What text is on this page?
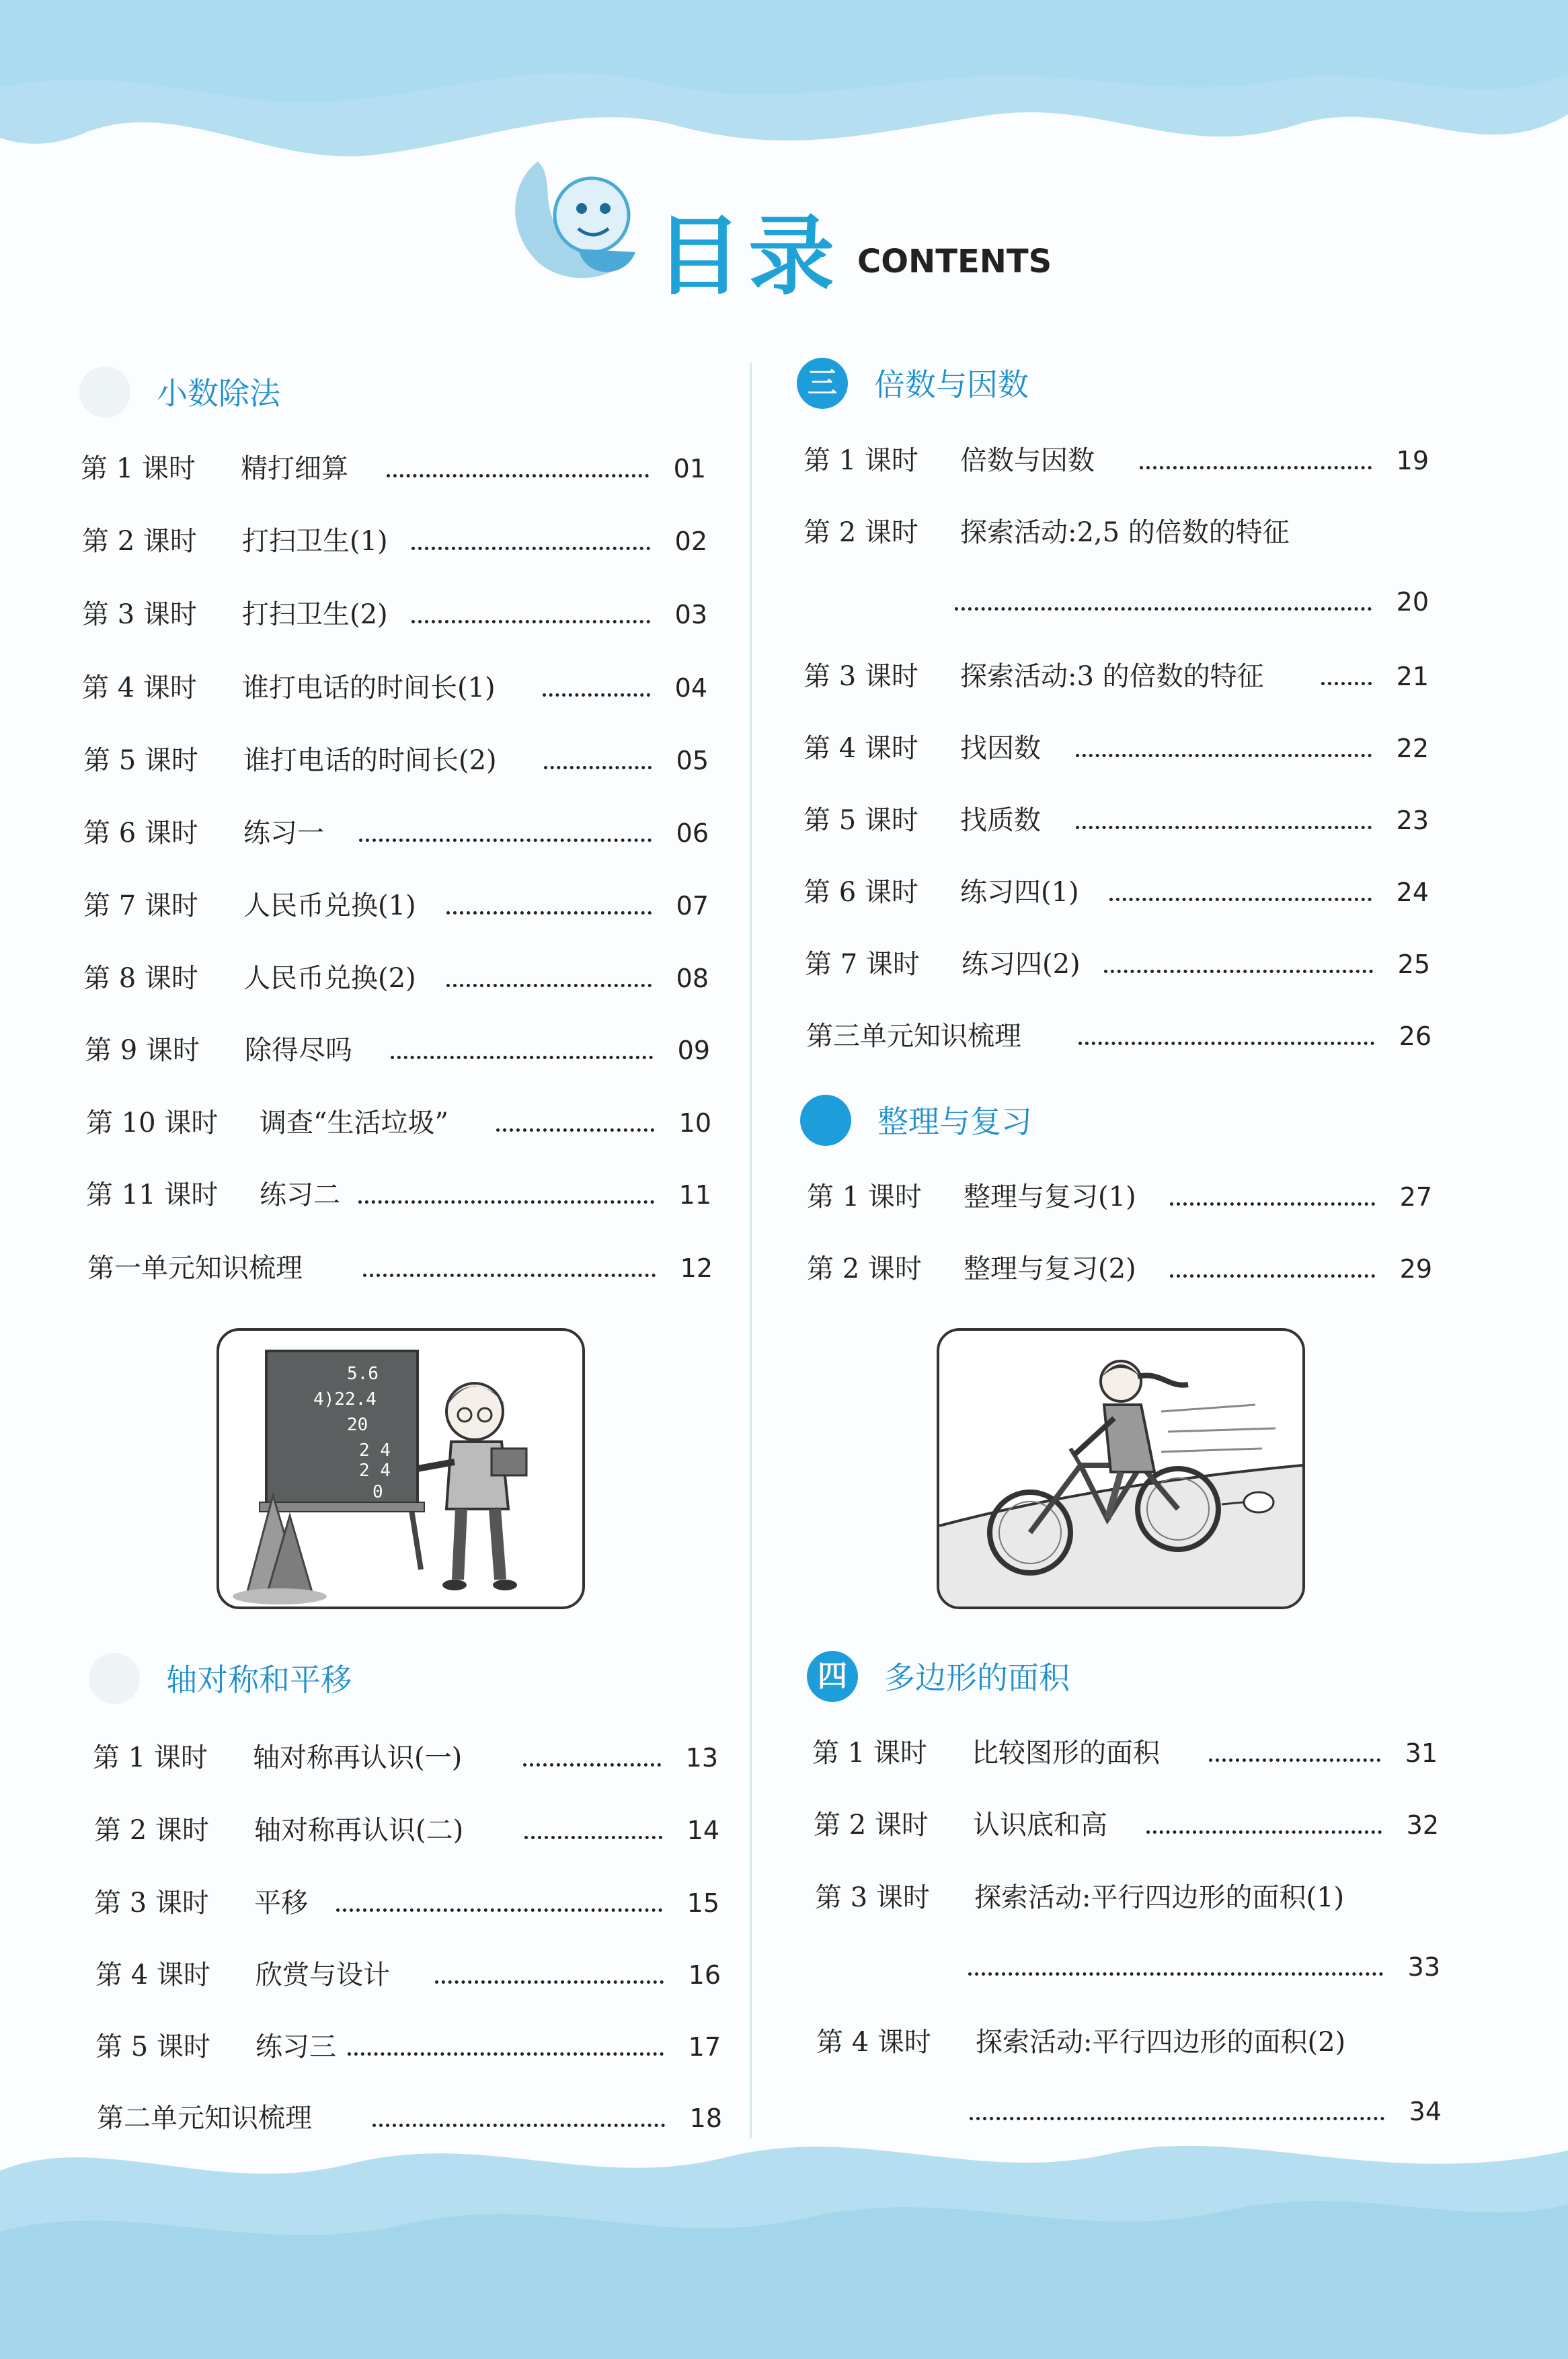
目录 CONTENTS
小数除法
第 1 课时 精打细算	01
第 2 课时 打扫卫生(1)	02
第 3 课时 打扫卫生(2)	03
第 4 课时 谁打电话的时间长(1)	04
第 5 课时 谁打电话的时间长(2)	05
第 6 课时 练习一	06
第 7 课时 人民币兑换(1)	07
第 8 课时 人民币兑换(2)	08
第 9 课时 除得尽吗	09
第 10 课时 调查“生活垃圾”	10
第 11 课时 练习二	11
第一单元知识梳理	12
5.6
4)22.4
20
2 4
2 4
0
轴对称和平移
第 1 课时 轴对称再认识(一)	13
第 2 课时 轴对称再认识(二)	14
第 3 课时 平移	15
第 4 课时 欣赏与设计	16
第 5 课时 练习三	17
第二单元知识梳理	18
三	倍数与因数
第 1 课时 倍数与因数	19
第 2 课时 探索活动:2,5 的倍数的特征
20
第 3 课时 探索活动:3 的倍数的特征	21
第 4 课时 找因数	22
第 5 课时 找质数	23
第 6 课时 练习四(1)	24
第 7 课时 练习四(2)	25
第三单元知识梳理	26
整理与复习
第 1 课时 整理与复习(1)	27
第 2 课时 整理与复习(2)	29
四	多边形的面积
第 1 课时 比较图形的面积	31
第 2 课时 认识底和高	32
第 3 课时 探索活动:平行四边形的面积(1)
33
第 4 课时 探索活动:平行四边形的面积(2)
34
